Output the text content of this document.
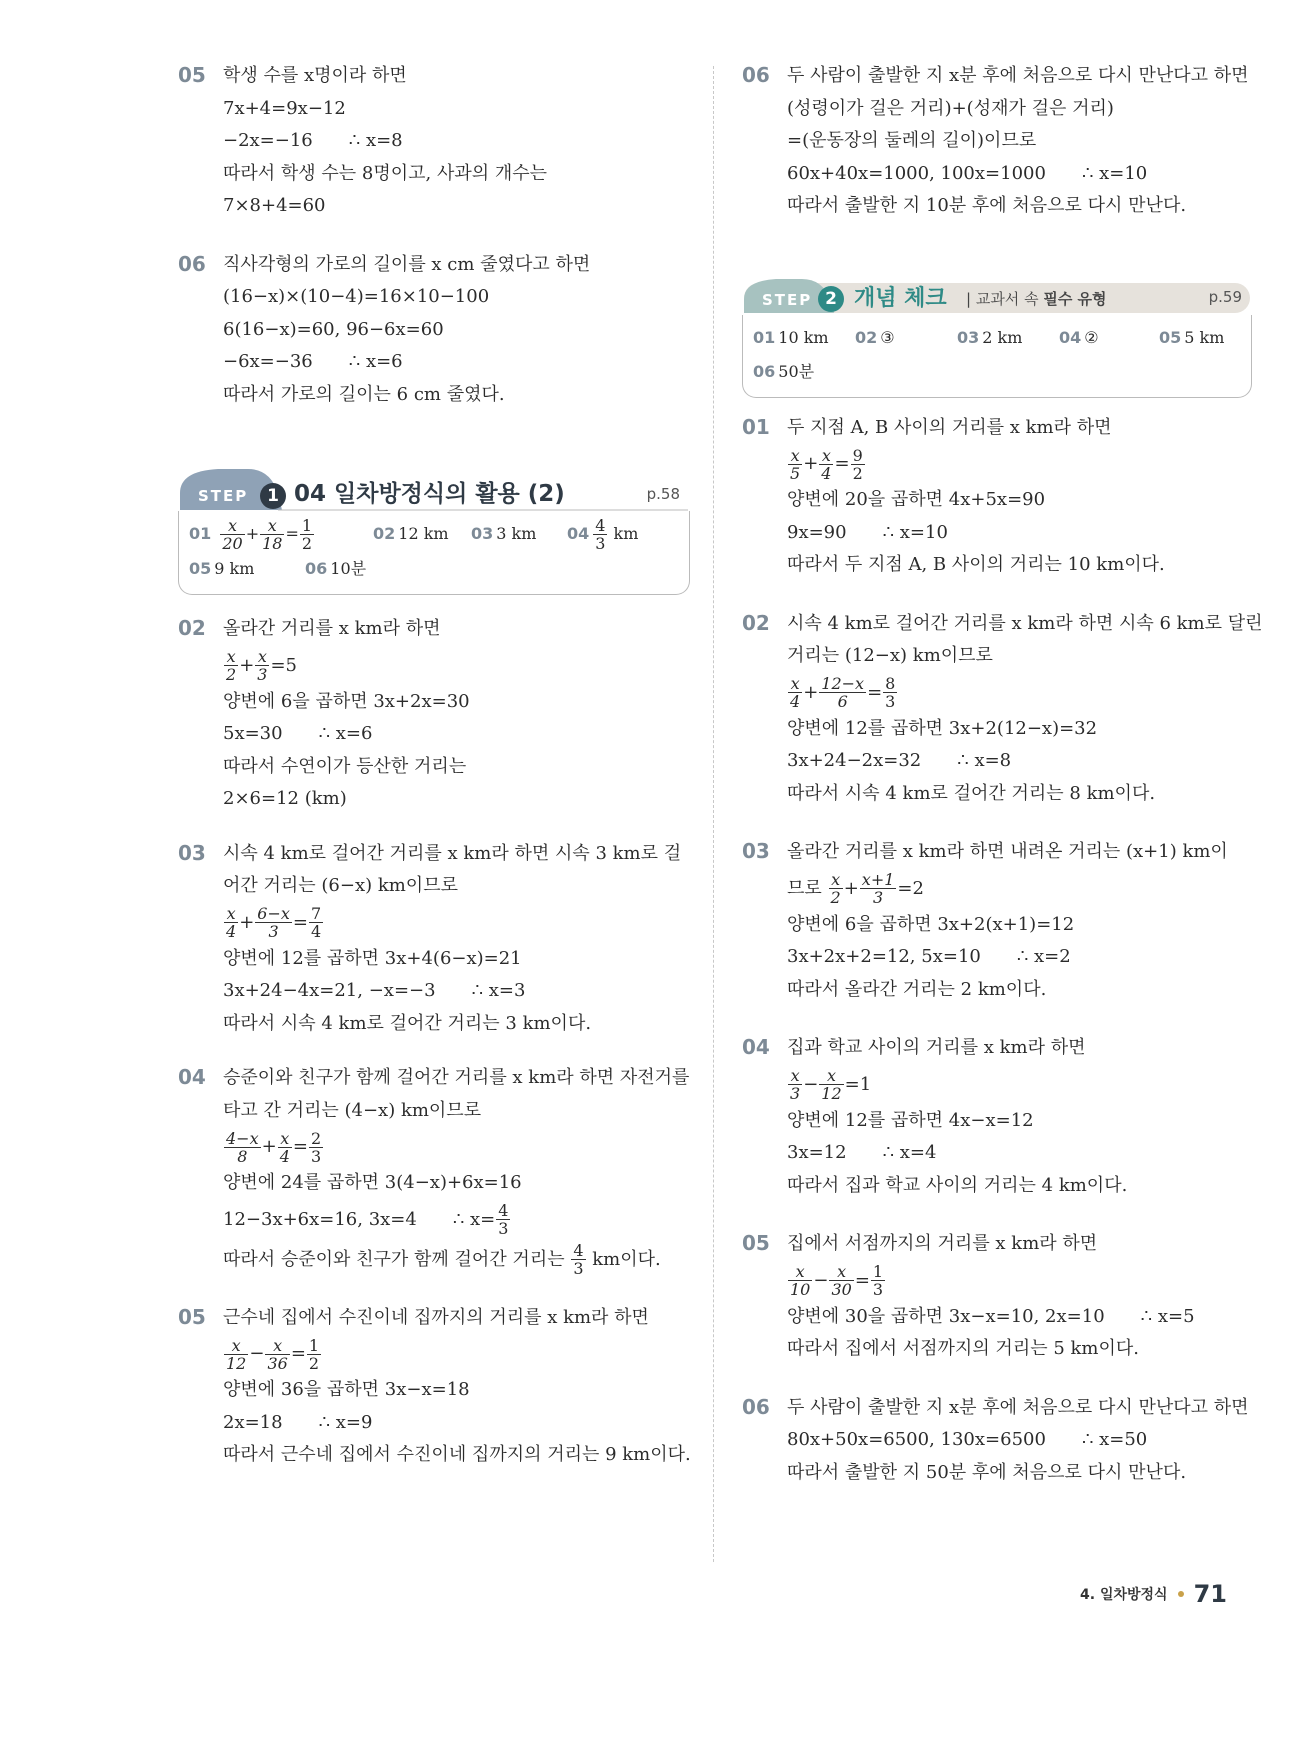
05 학생 수를 x명이라 하면
7x+4=9x−12
−2x=−16 ∴ x=8
따라서 학생 수는 8명이고, 사과의 개수는
7×8+4=60
06 직사각형의 가로의 길이를 x cm 줄였다고 하면
(16−x)×(10−4)=16×10−100
6(16−x)=60, 96−6x=60
−6x=−36 ∴ x=6
따라서 가로의 길이는 6 cm 줄였다.
STEP	1 04 일차방정식의 활용 (2)	p.58
$01 \frac{x}{20} + \frac{x}{18} = \frac{1}{2}$	02 12 km	03 3 km	$04 \frac{4}{3}$ km
05 9 km	06 10분
02 올라간 거리를 x km라 하면
$\frac{x}{2} + \frac{x}{3} =5$
양변에 6을 곱하면 3x+2x=30
5x=30 ∴ x=6
따라서 수연이가 등산한 거리는
2×6=12 (km)
03 시속 4 km로 걸어간 거리를 x km라 하면 시속 3 km로 걸
어간 거리는 (6−x) km이므로
$\frac{x}{4} + \frac{6-x}{3} = \frac{7}{4}$
양변에 12를 곱하면 3x+4(6−x)=21
3x+24−4x=21, −x=−3 ∴ x=3
따라서 시속 4 km로 걸어간 거리는 3 km이다.
04 승준이와 친구가 함께 걸어간 거리를 x km라 하면 자전거를
타고 간 거리는 (4−x) km이므로
$\frac{4-x}{8} + \frac{x}{4} = \frac{2}{3}$
양변에 24를 곱하면 3(4−x)+6x=16
12−3x+6x=16, 3x=4 ∴ $x= \frac{4}{3}$
따라서 승준이와 친구가 함께 걸어간 거리는 $\frac{4}{3}$ km이다.
05 근수네 집에서 수진이네 집까지의 거리를 x km라 하면
$\frac{x}{12} - \frac{x}{36} = \frac{1}{2}$
양변에 36을 곱하면 3x−x=18
2x=18 ∴ x=9
따라서 근수네 집에서 수진이네 집까지의 거리는 9 km이다.
06 두 사람이 출발한 지 x분 후에 처음으로 다시 만난다고 하면
(성령이가 걸은 거리)+(성재가 걸은 거리)
=(운동장의 둘레의 길이)이므로
60x+40x=1000, 100x=1000 ∴ x=10
따라서 출발한 지 10분 후에 처음으로 다시 만난다.
STEP 2 개념 체크 | 교과서 속 필수 유형	p.59
01 10 km	02 ③	03 2 km	04 ②	05 5 km
06 50분
01 두 지점 A, B 사이의 거리를 x km라 하면
$\frac{x}{5} + \frac{x}{4} = \frac{9}{2}$
양변에 20을 곱하면 4x+5x=90
9x=90 ∴ x=10
따라서 두 지점 A, B 사이의 거리는 10 km이다.
02 시속 4 km로 걸어간 거리를 x km라 하면 시속 6 km로 달린
거리는 (12−x) km이므로
$\frac{x}{4} + \frac{12-x}{6} = \frac{8}{3}$
양변에 12를 곱하면 3x+2(12−x)=32
3x+24−2x=32 ∴ x=8
따라서 시속 4 km로 걸어간 거리는 8 km이다.
03 올라간 거리를 x km라 하면 내려온 거리는 (x+1) km이
므로 $\frac{x}{2} + \frac{x+1}{3} =2$
양변에 6을 곱하면 3x+2(x+1)=12
3x+2x+2=12, 5x=10 ∴ x=2
따라서 올라간 거리는 2 km이다.
04 집과 학교 사이의 거리를 x km라 하면
$\frac{x}{3} - \frac{x}{12} =1$
양변에 12를 곱하면 4x−x=12
3x=12 ∴ x=4
따라서 집과 학교 사이의 거리는 4 km이다.
05 집에서 서점까지의 거리를 x km라 하면
$\frac{x}{10} - \frac{x}{30} = \frac{1}{3}$
양변에 30을 곱하면 3x−x=10, 2x=10 ∴ x=5
따라서 집에서 서점까지의 거리는 5 km이다.
06 두 사람이 출발한 지 x분 후에 처음으로 다시 만난다고 하면
80x+50x=6500, 130x=6500 ∴ x=50
따라서 출발한 지 50분 후에 처음으로 다시 만난다.
4. 일차방정식 71
